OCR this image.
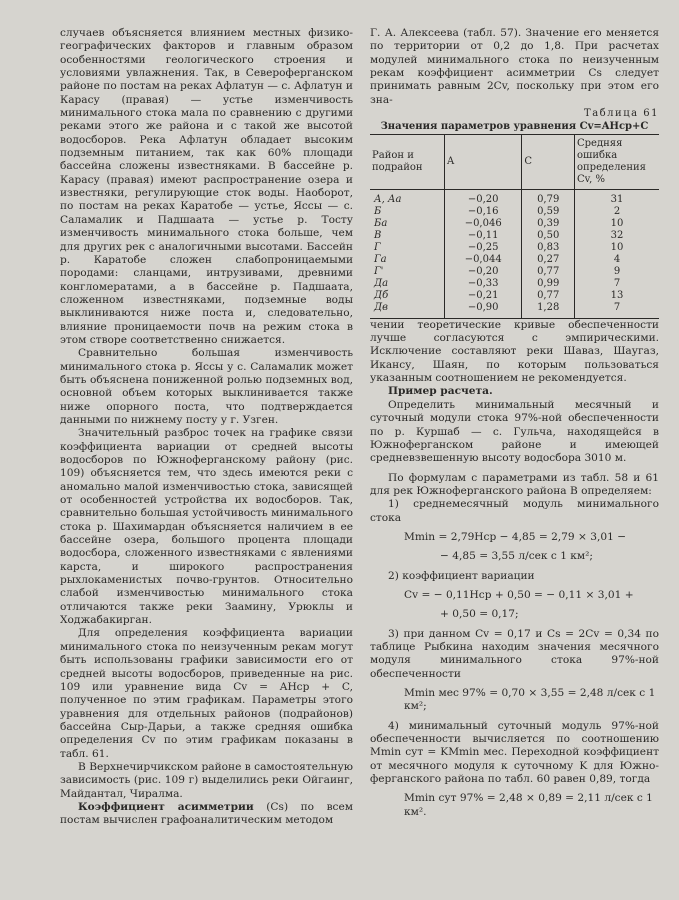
случаев объясняется влиянием местных физико-географических факторов и главным образом особенностями геологического строения и условиями увлажнения. Так, в Североферганском районе по постам на реках Афлатун — с. Афлатун и Карасу (правая) — устье изменчивость минимального стока мала по сравнению с другими реками этого же района и с такой же высотой водосборов. Река Афлатун обладает высоким подземным питанием, так как 60% площади бассейна сложены известняками. В бассейне р. Карасу (правая) имеют распространение озера и известняки, регулирующие сток воды. Наоборот, по постам на реках Каратобе — устье, Яссы — с. Саламалик и Падшаата — устье р. Тосту изменчивость минимального стока больше, чем для других рек с аналогичными высотами. Бассейн р. Каратобе сложен слабопроницаемыми породами: сланцами, интрузивами, древними конгломератами, а в бассейне р. Падшаата, сложенном известняками, подземные воды выклиниваются ниже поста и, следовательно, влияние проницаемости почв на режим стока в этом створе соответственно снижается.

Сравнительно большая изменчивость минимального стока р. Яссы у с. Саламалик может быть объяснена пониженной ролью подземных вод, основной объем которых выклинивается также ниже опорного поста, что подтверждается данными по нижнему посту у г. Узген.

Значительный разброс точек на графике связи коэффициента вариации от средней высоты водосборов по Южноферганскому району (рис. 109) объясняется тем, что здесь имеются реки с аномально малой изменчивостью стока, зависящей от особенностей устройства их водосборов. Так, сравнительно большая устойчивость минимального стока р. Шахимардан объясняется наличием в ее бассейне озера, большого процента площади водосбора, сложенного известняками с явлениями карста, и широкого распространения рыхлокаменистых почво-грунтов. Относительно слабой изменчивостью минимального стока отличаются также реки Заамину, Урюклы и Ходжабакирган.

Для определения коэффициента вариации минимального стока по неизученным рекам могут быть использованы графики зависимости его от средней высоты водосборов, приведенные на рис. 109 или уравнение вида Cv = AHср + C, полученное по этим графикам. Параметры этого уравнения для отдельных районов (подрайонов) бассейна Сыр-Дарьи, а также средняя ошибка определения Cv по этим графикам показаны в табл. 61.

В Верхнечирчикском районе в самостоятельную зависимость (рис. 109 г) выделились реки Ойгаинг, Майдантал, Чиралма.

Коэффициент асимметрии (Cs) по всем постам вычислен графоаналитическим методом

Г. А. Алексеева (табл. 57). Значение его меняется по территории от 0,2 до 1,8. При расчетах модулей минимального стока по неизученным рекам коэффициент асимметрии Cs следует принимать равным 2Cv, поскольку при этом его зна-

Таблица 61

Значения параметров уравнения Cv=AHср+C

Район и подрайон	A	C	Средняя ошибка определения Cv, %
А, Аа	−0,20	0,79	31
Б	−0,16	0,59	2
Ба	−0,046	0,39	10
В	−0,11	0,50	32
Г	−0,25	0,83	10
Га	−0,044	0,27	4
Г'	−0,20	0,77	9
Да	−0,33	0,99	7
Дб	−0,21	0,77	13
Дв	−0,90	1,28	7

чении теоретические кривые обеспеченности лучше согласуются с эмпирическими. Исключение составляют реки Шаваз, Шаугаз, Икансу, Шаян, по которым пользоваться указанным соотношением не рекомендуется.

Пример расчета.

Определить минимальный месячный и суточный модули стока 97%-ной обеспеченности по р. Куршаб — с. Гульча, находящейся в Южноферганском районе и имеющей средневзвешенную высоту водосбора 3010 м.

По формулам с параметрами из табл. 58 и 61 для рек Южноферганского района В определяем:

1) среднемесячный модуль минимального стока

Mmin = 2,79Hср − 4,85 = 2,79 × 3,01 −

− 4,85 = 3,55 л/сек с 1 км²;

2) коэффициент вариации

Cv = − 0,11Hср + 0,50 = − 0,11 × 3,01 +

+ 0,50 = 0,17;

3) при данном Cv = 0,17 и Cs = 2Cv = 0,34 по таблице Рыбкина находим значения месячного модуля минимального стока 97%-ной обеспеченности

Mmin мес 97% = 0,70 × 3,55 = 2,48 л/сек с 1 км²;

4) минимальный суточный модуль 97%-ной обеспеченности вычисляется по соотношению Mmin сут = KMmin мес. Переходной коэффициент от месячного модуля к суточному K для Южноферганского района по табл. 60 равен 0,89, тогда

Mmin сут 97% = 2,48 × 0,89 = 2,11 л/сек с 1 км².
